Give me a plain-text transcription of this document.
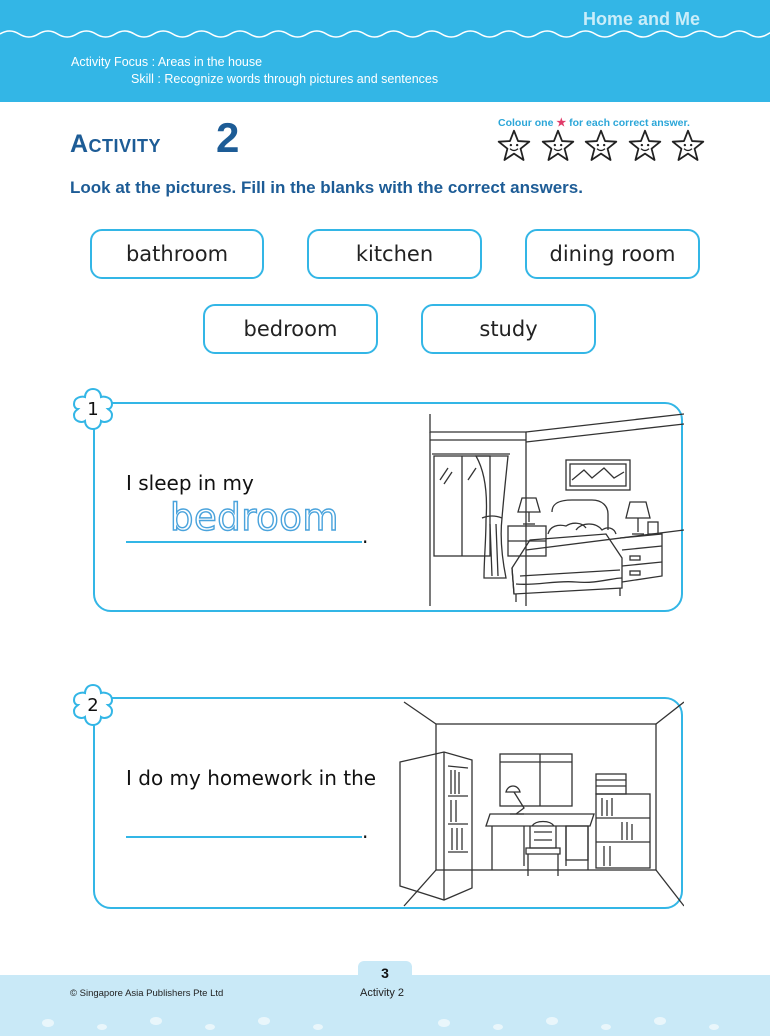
Home and Me
Activity Focus : Areas in the house
Skill : Recognize words through pictures and sentences
Activity 2	Colour one ★ for each correct answer.
Look at the pictures. Fill in the blanks with the correct answers.
bathroom	kitchen	dining room
bedroom	study
1
I sleep in my
bedroom .
2
I do my homework in the
.
3
© Singapore Asia Publishers Pte Ltd	Activity 2
